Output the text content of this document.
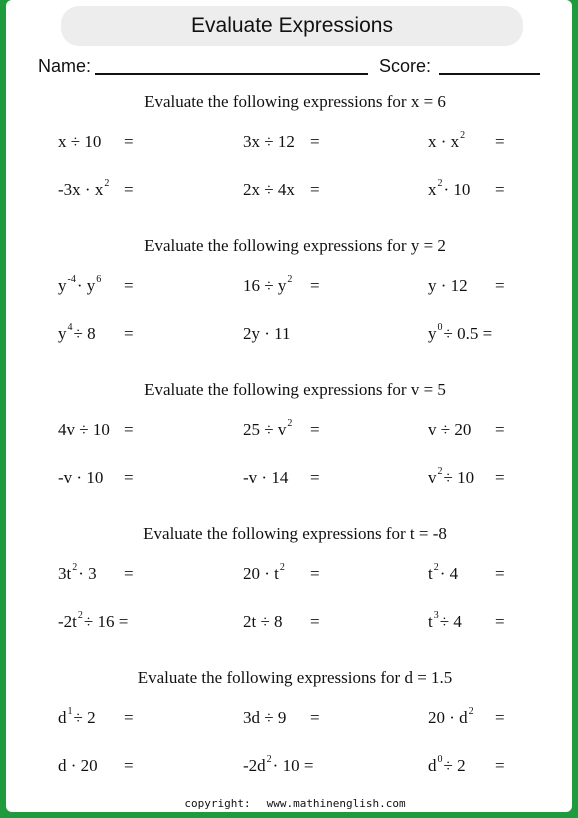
Evaluate Expressions
Name:	Score:
Evaluate the following expressions for x = 6
x ÷ 10 =	3x ÷ 12 =	$x \cdot x^2$ =
$-3x \cdot x^2$ =	2x ÷ 4x =	$x^2\cdot 10$ =
Evaluate the following expressions for y = 2
$y^{-4}\cdot y^6$ =	$16 \div y^2$ =	y · 12 =
$y^4\div 8$ =	2y · 11	$y^0\div 0.5$ =
Evaluate the following expressions for v = 5
4v ÷ 10 =	$25 \div v^2$ =	v ÷ 20 =
-v · 10 =	-v · 14 =	$v^2\div 10$ =
Evaluate the following expressions for t = -8
$3t^2\cdot 3$ =	$20 \cdot t^2$ =	$t^2\cdot 4$ =
$-2t^2\div 16$ =	2t ÷ 8 =	$t^3\div 4$ =
Evaluate the following expressions for d = 1.5
$d^1\div 2$ =	3d ÷ 9 =	$20 \cdot d^2$ =
d · 20 =	$-2d^2\cdot 10$ =	$d^0\div 2$ =
copyright: www.mathinenglish.com
